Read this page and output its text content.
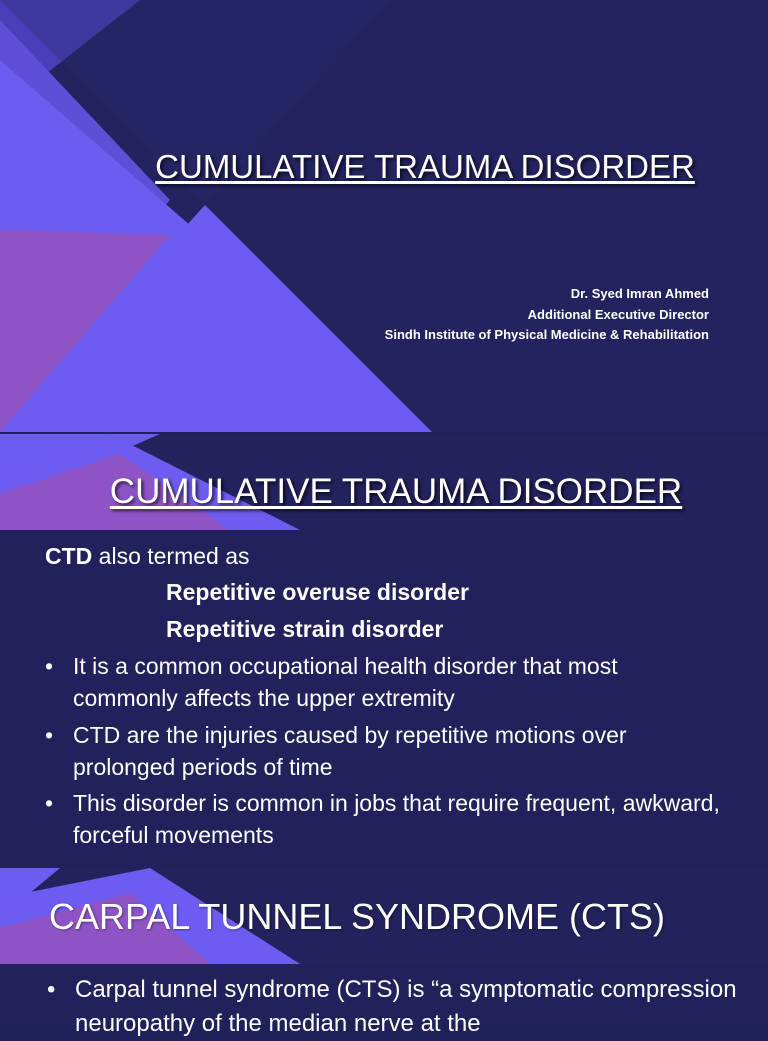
CUMULATIVE TRAUMA DISORDER
Dr. Syed Imran Ahmed
Additional Executive Director
Sindh Institute of Physical Medicine & Rehabilitation
CUMULATIVE TRAUMA DISORDER
CTD also termed as
Repetitive overuse disorder
Repetitive strain disorder
• It is a common occupational health disorder that most commonly affects the upper extremity
• CTD are the injuries caused by repetitive motions over prolonged periods of time
• This disorder is common in jobs that require frequent, awkward, forceful movements
CARPAL TUNNEL SYNDROME (CTS)
• Carpal tunnel syndrome (CTS) is “a symptomatic compression neuropathy of the median nerve at the
